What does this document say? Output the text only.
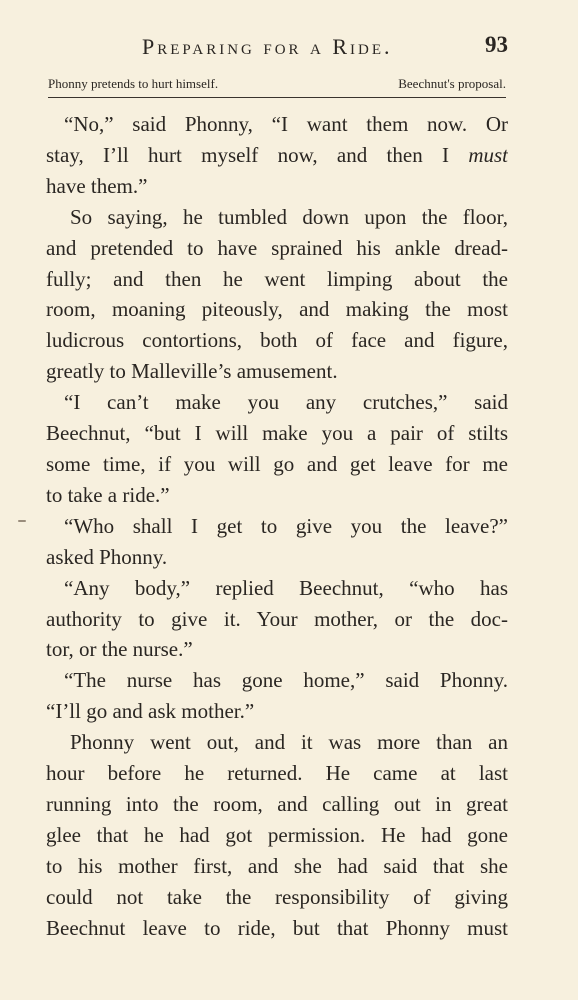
Preparing for a Ride.	93
Phonny pretends to hurt himself.	Beechnut's proposal.
“No,” said Phonny, “I want them now. Or
stay, I’ll hurt myself now, and then I must
have them.”
So saying, he tumbled down upon the floor,
and pretended to have sprained his ankle dread-
fully; and then he went limping about the
room, moaning piteously, and making the most
ludicrous contortions, both of face and figure,
greatly to Malleville’s amusement.
“I can’t make you any crutches,” said
Beechnut, “but I will make you a pair of stilts
some time, if you will go and get leave for me
to take a ride.”
“Who shall I get to give you the leave?”
asked Phonny.
“Any body,” replied Beechnut, “who has
authority to give it. Your mother, or the doc-
tor, or the nurse.”
“The nurse has gone home,” said Phonny.
“I’ll go and ask mother.”
Phonny went out, and it was more than an
hour before he returned. He came at last
running into the room, and calling out in great
glee that he had got permission. He had gone
to his mother first, and she had said that she
could not take the responsibility of giving
Beechnut leave to ride, but that Phonny must
